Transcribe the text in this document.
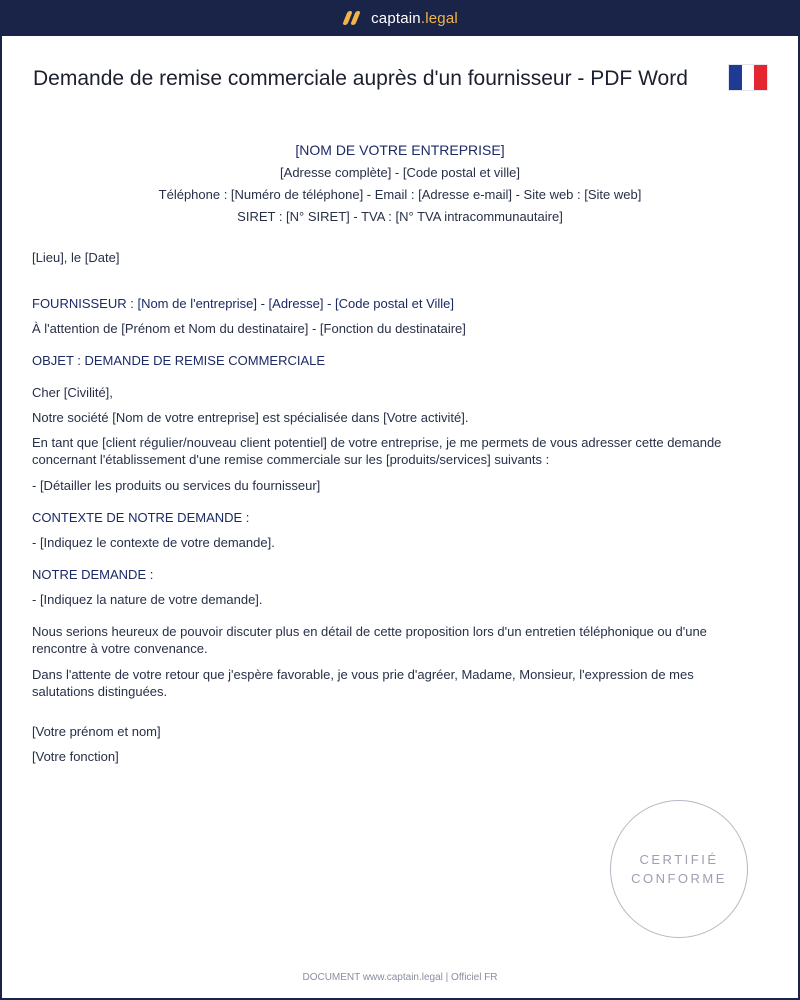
captain.legal
Demande de remise commerciale auprès d'un fournisseur - PDF Word
[NOM DE VOTRE ENTREPRISE]
[Adresse complète] - [Code postal et ville]
Téléphone : [Numéro de téléphone] - Email : [Adresse e-mail] - Site web : [Site web]
SIRET : [N° SIRET] - TVA : [N° TVA intracommunautaire]

[Lieu], le [Date]

FOURNISSEUR : [Nom de l'entreprise] - [Adresse] - [Code postal et Ville]

À l'attention de [Prénom et Nom du destinataire] - [Fonction du destinataire]

OBJET : DEMANDE DE REMISE COMMERCIALE

Cher [Civilité],

Notre société [Nom de votre entreprise] est spécialisée dans [Votre activité].

En tant que [client régulier/nouveau client potentiel] de votre entreprise, je me permets de vous adresser cette demande concernant l'établissement d'une remise commerciale sur les [produits/services] suivants :

- [Détailler les produits ou services du fournisseur]

CONTEXTE DE NOTRE DEMANDE :

- [Indiquez le contexte de votre demande].

NOTRE DEMANDE :

- [Indiquez la nature de votre demande].

Nous serions heureux de pouvoir discuter plus en détail de cette proposition lors d'un entretien téléphonique ou d'une rencontre à votre convenance.

Dans l'attente de votre retour que j'espère favorable, je vous prie d'agréer, Madame, Monsieur, l'expression de mes salutations distinguées.

[Votre prénom et nom]

[Votre fonction]

CERTIFIÉ
CONFORME
DOCUMENT www.captain.legal | Officiel FR
